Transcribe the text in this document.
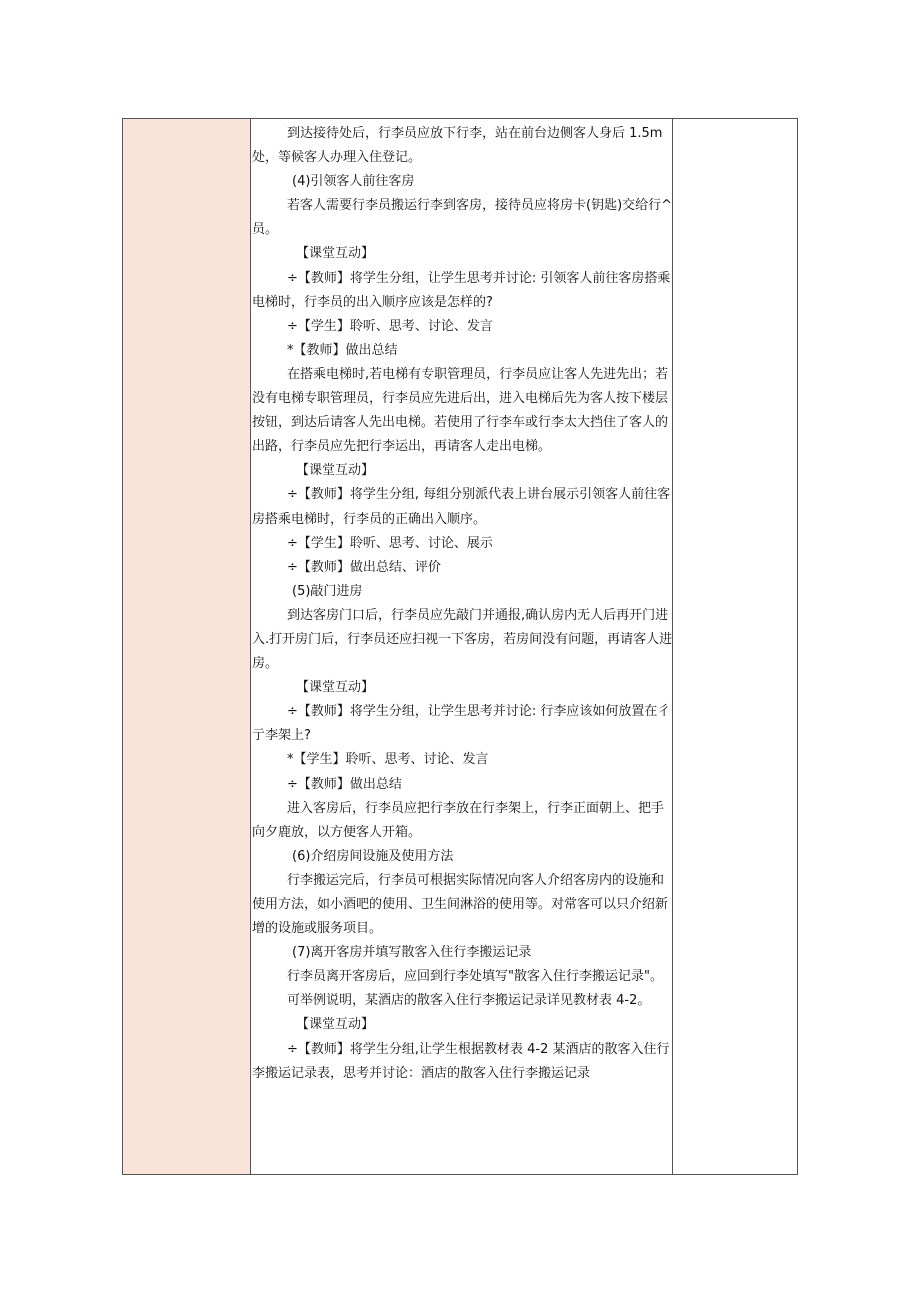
到达接待处后，行李员应放下行李，站在前台边侧客人身后 1.5m
处，等候客人办理入住登记。
(4)引领客人前往客房
若客人需要行李员搬运行李到客房，接待员应将房卡(钥匙)交给行^
员。
【课堂互动】
÷【教师】将学生分组，让学生思考并讨论: 引领客人前往客房搭乘
电梯时，行李员的出入顺序应该是怎样的?
÷【学生】聆听、思考、讨论、发言
*【教师】做出总结
在搭乘电梯时,若电梯有专职管理员，行李员应让客人先进先出；若
没有电梯专职管理员，行李员应先进后出，进入电梯后先为客人按下楼层
按钮，到达后请客人先出电梯。若使用了行李车或行李太大挡住了客人的
出路，行李员应先把行李运出，再请客人走出电梯。
【课堂互动】
÷【教师】将学生分组, 每组分别派代表上讲台展示引领客人前往客
房搭乘电梯时，行李员的正确出入顺序。
÷【学生】聆听、思考、讨论、展示
÷【教师】做出总结、评价
(5)敲门进房
到达客房门口后，行李员应先敲门并通报,确认房内无人后再开门进
入.打开房门后，行李员还应扫视一下客房，若房间没有问题，再请客人进
房。
【课堂互动】
÷【教师】将学生分组，让学生思考并讨论: 行李应该如何放置在彳
亍李架上?
*【学生】聆听、思考、讨论、发言
÷【教师】做出总结
进入客房后，行李员应把行李放在行李架上，行李正面朝上、把手
向夕鹿放，以方便客人开箱。
(6)介绍房间设施及使用方法
行李搬运完后，行李员可根据实际情况向客人介绍客房内的设施和
使用方法，如小酒吧的使用、卫生间淋浴的使用等。对常客可以只介绍新
增的设施或服务项目。
(7)离开客房并填写散客入住行李搬运记录
行李员离开客房后，应回到行李处填写"散客入住行李搬运记录"。
可举例说明，某酒店的散客入住行李搬运记录详见教材表 4-2。
【课堂互动】
÷【教师】将学生分组,让学生根据教材表 4-2 某酒店的散客入住行
李搬运记录表，思考并讨论：酒店的散客入住行李搬运记录
